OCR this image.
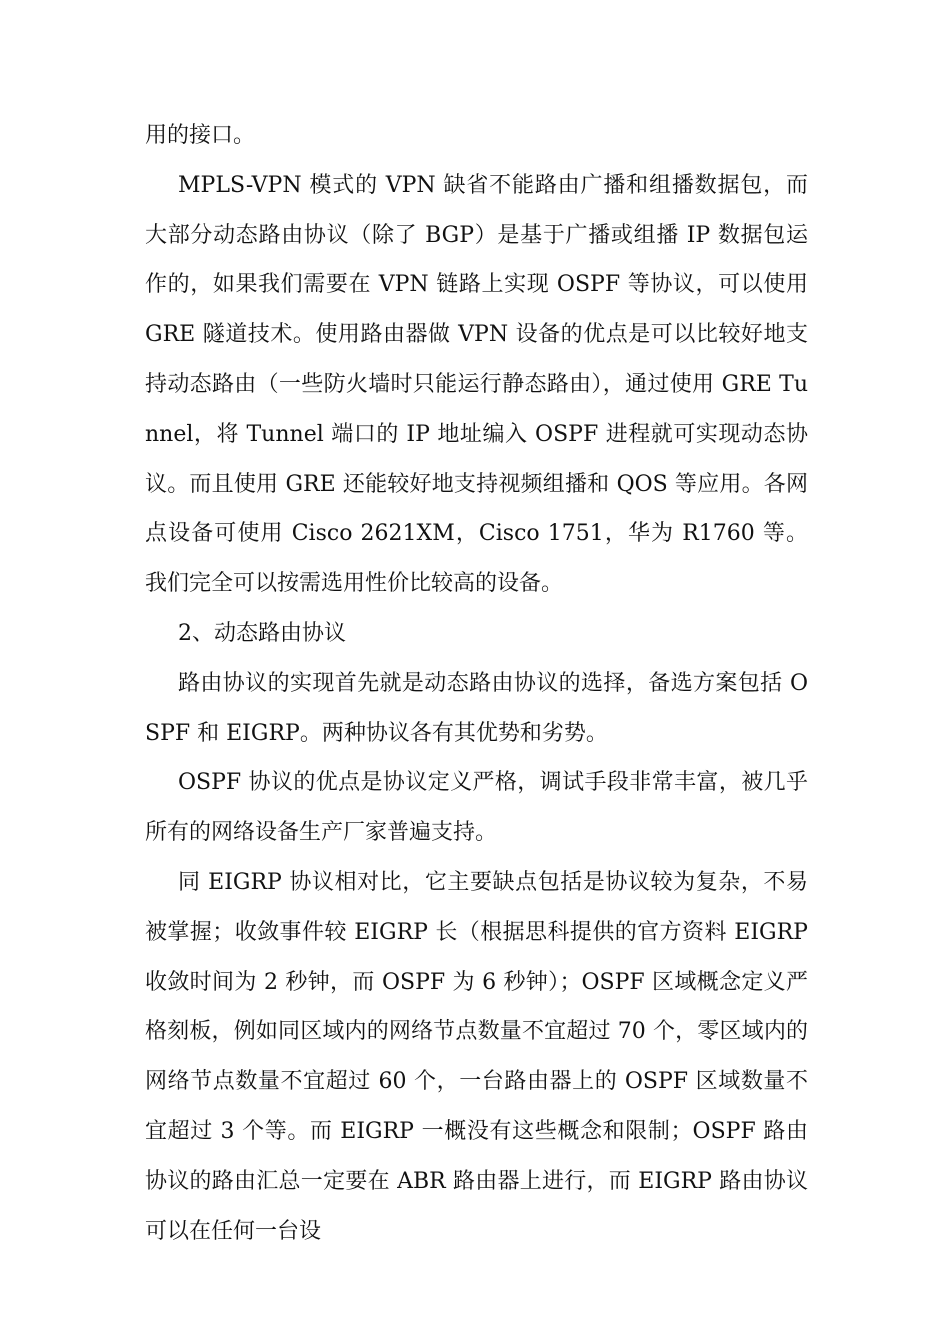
用的接口。

MPLS-VPN 模式的 VPN 缺省不能路由广播和组播数据包，而大部分动态路由协议（除了 BGP）是基于广播或组播 IP 数据包运作的，如果我们需要在 VPN 链路上实现 OSPF 等协议，可以使用 GRE 隧道技术。使用路由器做 VPN 设备的优点是可以比较好地支持动态路由（一些防火墙时只能运行静态路由），通过使用 GRE Tunnel，将 Tunnel 端口的 IP 地址编入 OSPF 进程就可实现动态协议。而且使用 GRE 还能较好地支持视频组播和 QOS 等应用。各网点设备可使用 Cisco 2621XM，Cisco 1751，华为 R1760 等。我们完全可以按需选用性价比较高的设备。

2、动态路由协议

路由协议的实现首先就是动态路由协议的选择，备选方案包括 OSPF 和 EIGRP。两种协议各有其优势和劣势。

OSPF 协议的优点是协议定义严格，调试手段非常丰富，被几乎所有的网络设备生产厂家普遍支持。

同 EIGRP 协议相对比，它主要缺点包括是协议较为复杂，不易被掌握；收敛事件较 EIGRP 长（根据思科提供的官方资料 EIGRP 收敛时间为 2 秒钟，而 OSPF 为 6 秒钟）；OSPF 区域概念定义严格刻板，例如同区域内的网络节点数量不宜超过 70 个，零区域内的网络节点数量不宜超过 60 个，一台路由器上的 OSPF 区域数量不宜超过 3 个等。而 EIGRP 一概没有这些概念和限制；OSPF 路由协议的路由汇总一定要在 ABR 路由器上进行，而 EIGRP 路由协议可以在任何一台设
